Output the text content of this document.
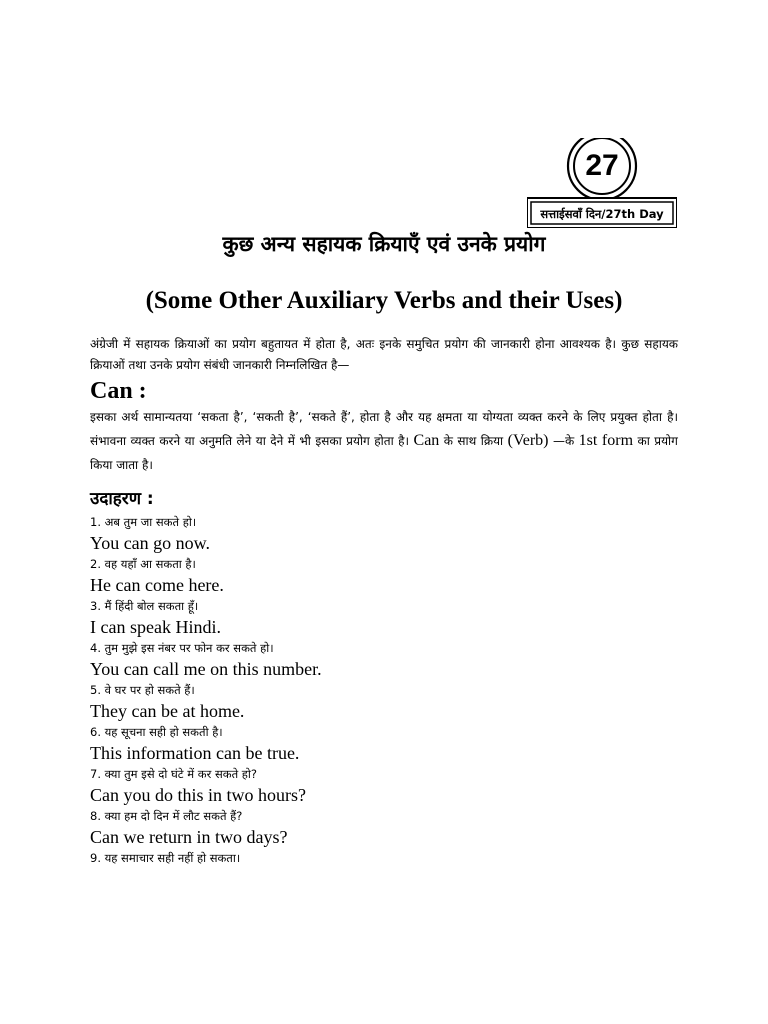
27
सत्ताईसवाँ दिन/27th Day
कुछ अन्य सहायक क्रियाएँ एवं उनके प्रयोग
(Some Other Auxiliary Verbs and their Uses)
अंग्रेजी में सहायक क्रियाओं का प्रयोग बहुतायत में होता है, अतः इनके समुचित प्रयोग की जानकारी होना आवश्यक है। कुछ सहायक क्रियाओं तथा उनके प्रयोग संबंधी जानकारी निम्नलिखित है—
Can :
इसका अर्थ सामान्यतया ‘सकता है’, ‘सकती है’, ‘सकते हैं’, होता है और यह क्षमता या योग्यता व्यक्त करने के लिए प्रयुक्त होता है। संभावना व्यक्त करने या अनुमति लेने या देने में भी इसका प्रयोग होता है। Can के साथ क्रिया (Verb) —के 1st form का प्रयोग किया जाता है।
उदाहरण :
1. अब तुम जा सकते हो।
You can go now.
2. वह यहाँ आ सकता है।
He can come here.
3. मैं हिंदी बोल सकता हूँ।
I can speak Hindi.
4. तुम मुझे इस नंबर पर फोन कर सकते हो।
You can call me on this number.
5. वे घर पर हो सकते हैं।
They can be at home.
6. यह सूचना सही हो सकती है।
This information can be true.
7. क्या तुम इसे दो घंटे में कर सकते हो?
Can you do this in two hours?
8. क्या हम दो दिन में लौट सकते हैं?
Can we return in two days?
9. यह समाचार सही नहीं हो सकता।
